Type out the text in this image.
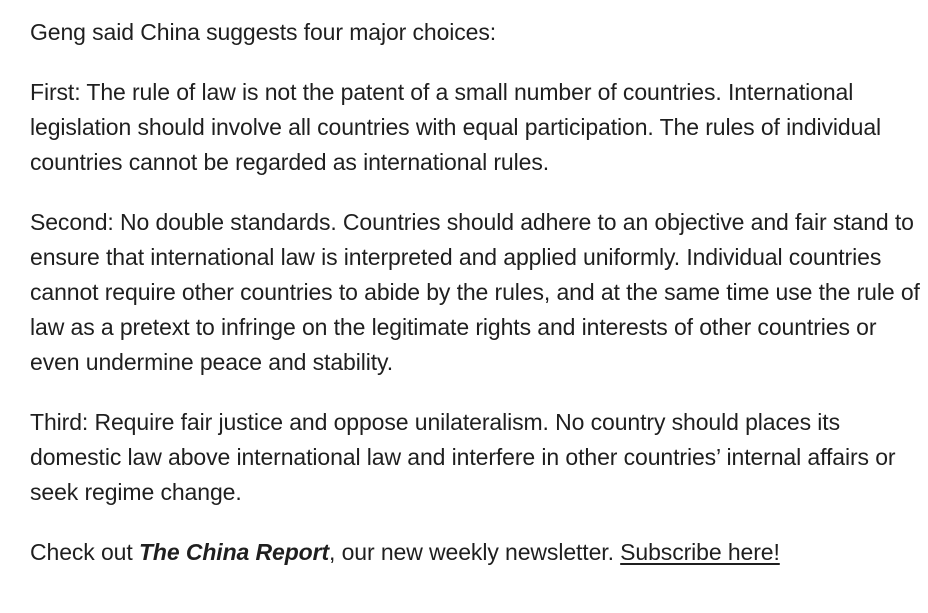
Geng said China suggests four major choices:

First: The rule of law is not the patent of a small number of countries. International legislation should involve all countries with equal participation. The rules of individual countries cannot be regarded as international rules.

Second: No double standards. Countries should adhere to an objective and fair stand to ensure that international law is interpreted and applied uniformly. Individual countries cannot require other countries to abide by the rules, and at the same time use the rule of law as a pretext to infringe on the legitimate rights and interests of other countries or even undermine peace and stability.

Third: Require fair justice and oppose unilateralism. No country should places its domestic law above international law and interfere in other countries’ internal affairs or seek regime change.

Check out The China Report, our new weekly newsletter. Subscribe here!
